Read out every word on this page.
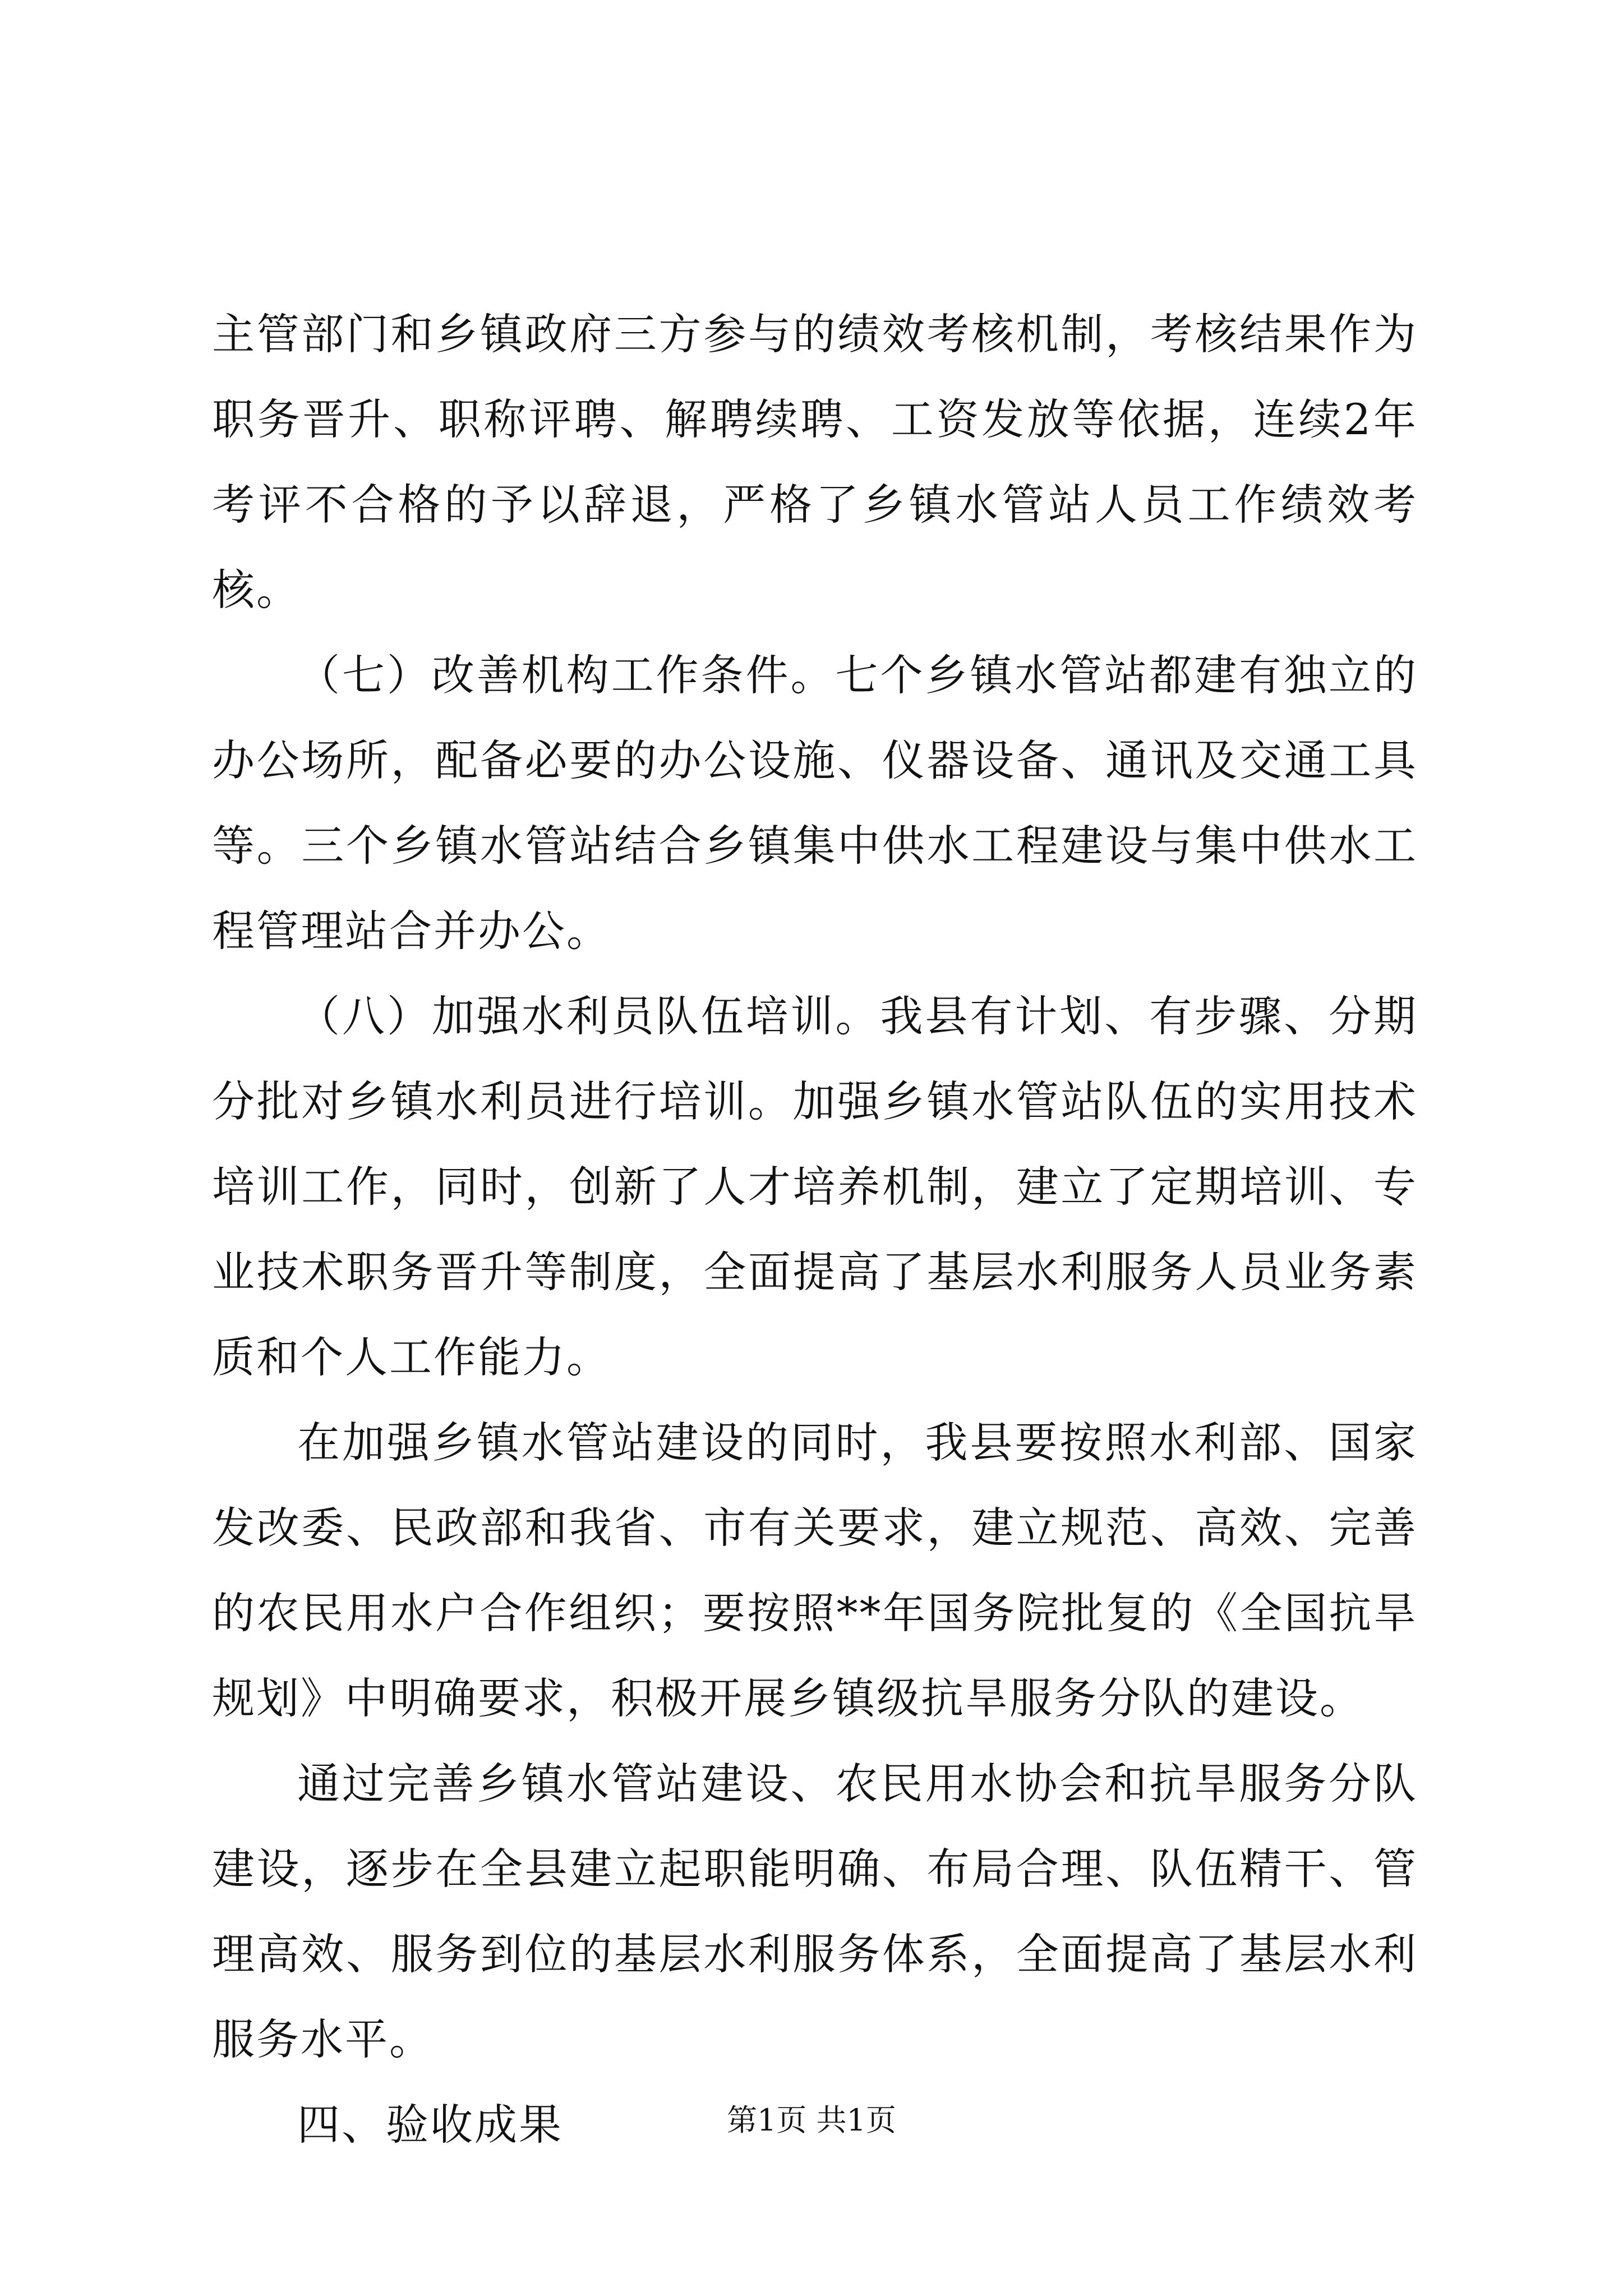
主管部门和乡镇政府三方参与的绩效考核机制，考核结果作为职务晋升、职称评聘、解聘续聘、工资发放等依据，连续2年考评不合格的予以辞退，严格了乡镇水管站人员工作绩效考核。

（七）改善机构工作条件。七个乡镇水管站都建有独立的办公场所，配备必要的办公设施、仪器设备、通讯及交通工具等。三个乡镇水管站结合乡镇集中供水工程建设与集中供水工程管理站合并办公。

（八）加强水利员队伍培训。我县有计划、有步骤、分期分批对乡镇水利员进行培训。加强乡镇水管站队伍的实用技术培训工作，同时，创新了人才培养机制，建立了定期培训、专业技术职务晋升等制度，全面提高了基层水利服务人员业务素质和个人工作能力。

在加强乡镇水管站建设的同时，我县要按照水利部、国家发改委、民政部和我省、市有关要求，建立规范、高效、完善的农民用水户合作组织；要按照**年国务院批复的《全国抗旱规划》中明确要求，积极开展乡镇级抗旱服务分队的建设。

通过完善乡镇水管站建设、农民用水协会和抗旱服务分队建设，逐步在全县建立起职能明确、布局合理、队伍精干、管理高效、服务到位的基层水利服务体系，全面提高了基层水利服务水平。

四、验收成果	第1页 共1页
